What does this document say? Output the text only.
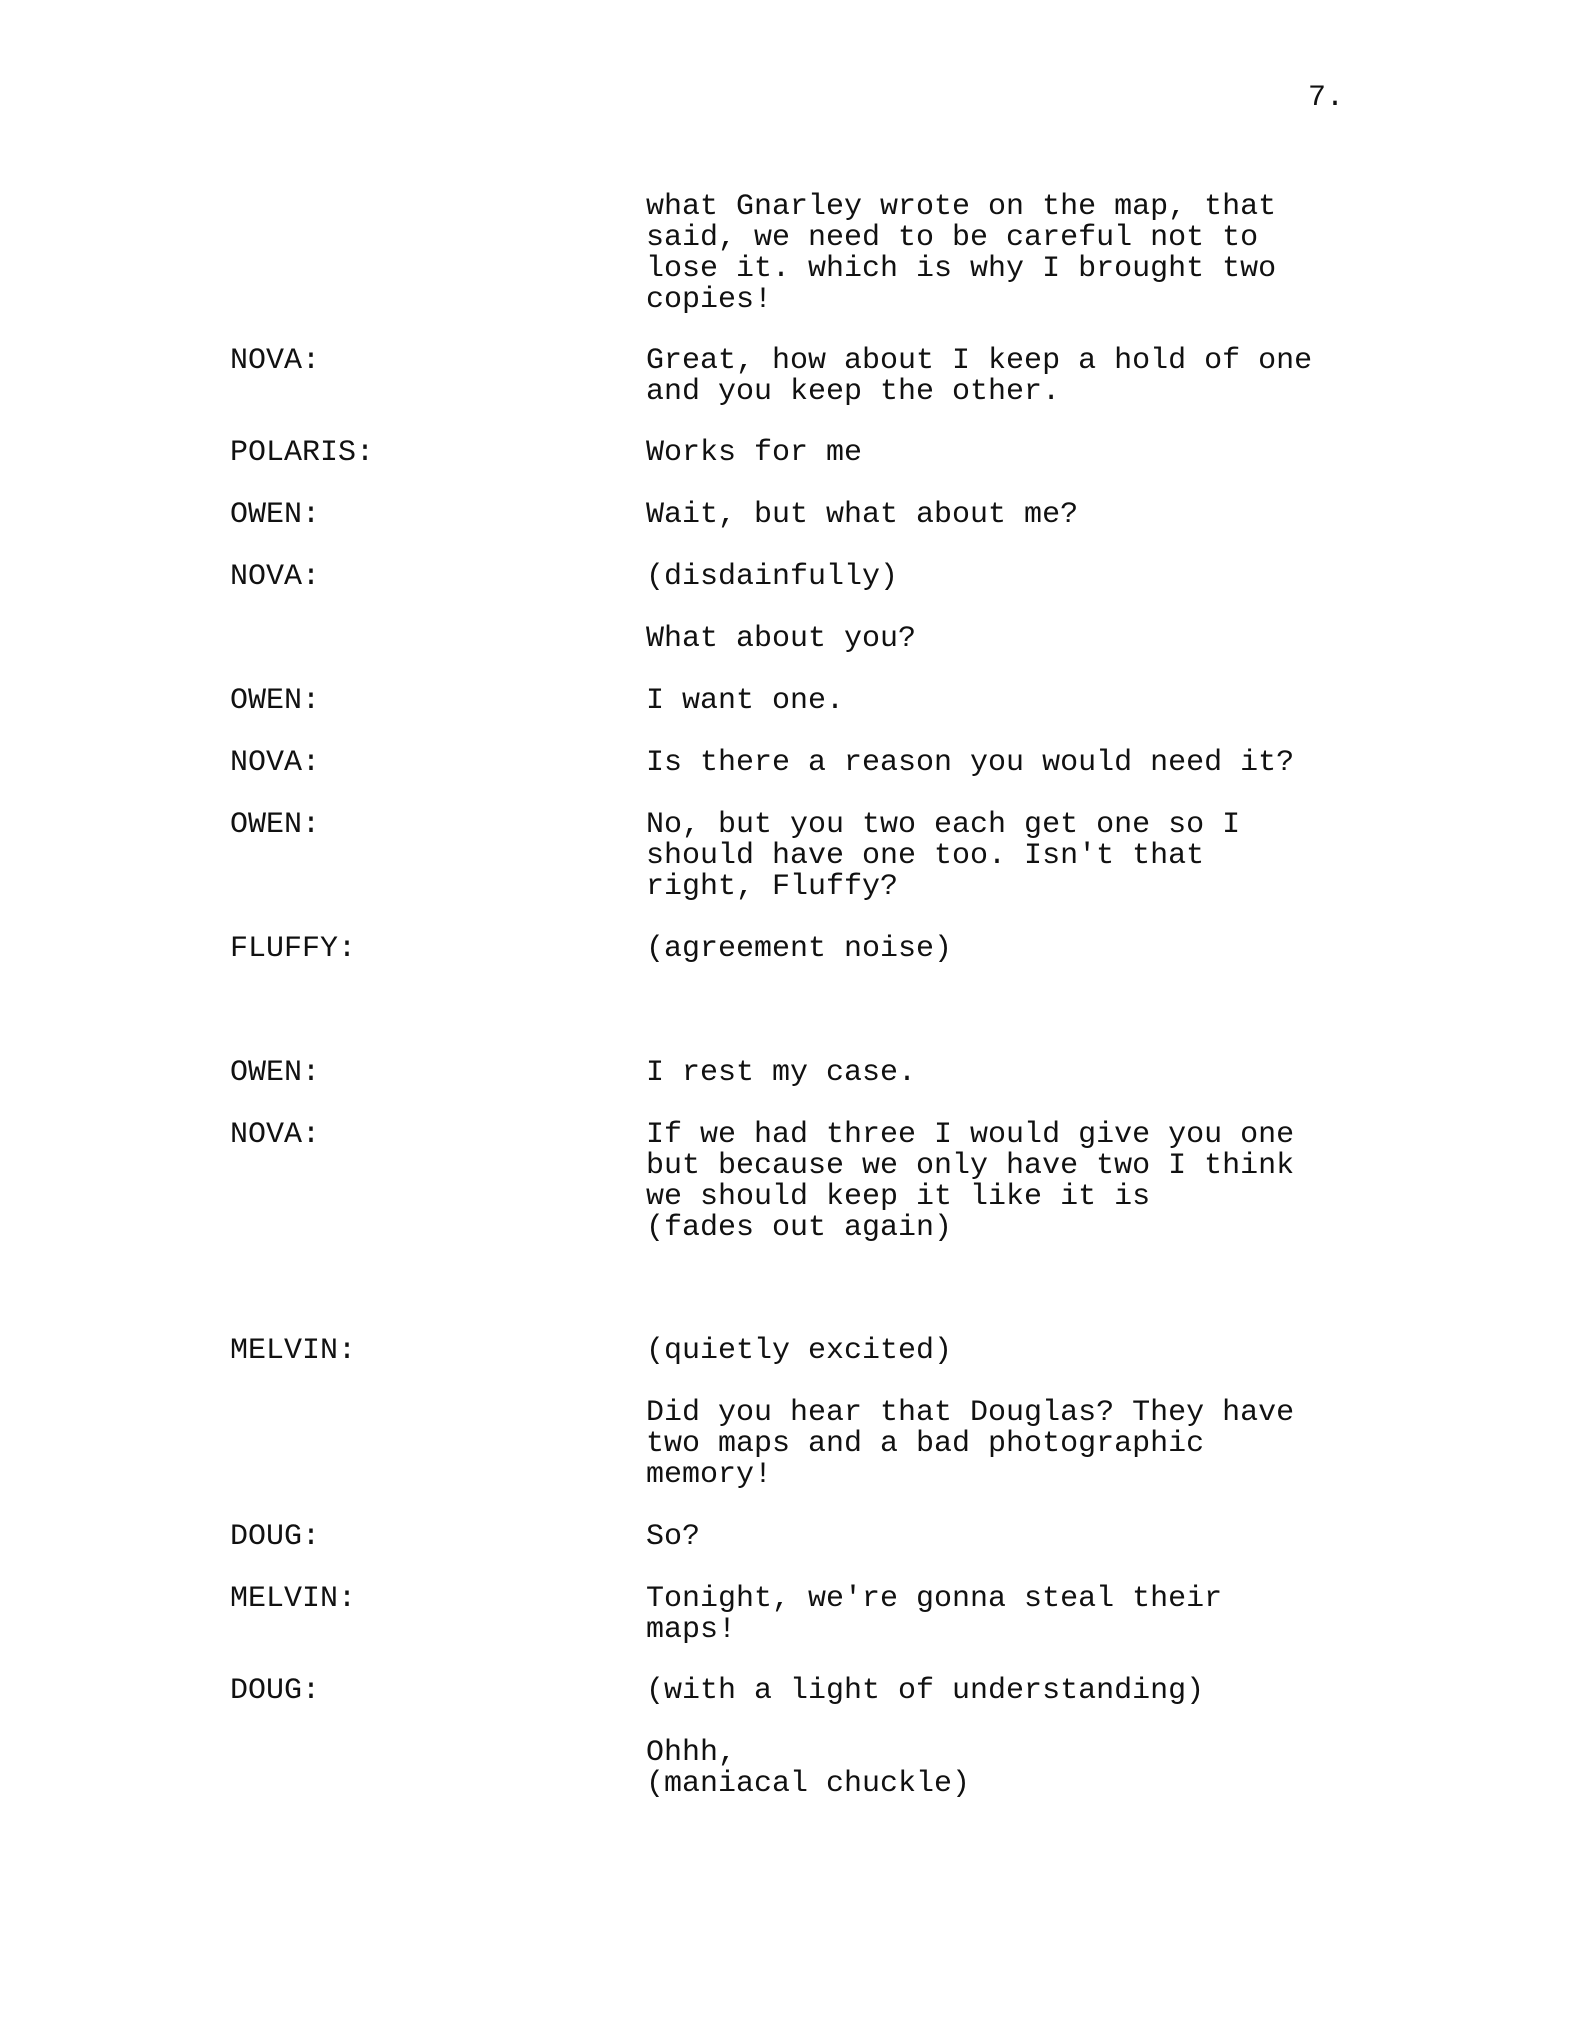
7.
what Gnarley wrote on the map, that
said, we need to be careful not to
lose it. which is why I brought two
copies!
NOVA:	Great, how about I keep a hold of one
and you keep the other.
POLARIS:	Works for me
OWEN:	Wait, but what about me?
NOVA:	(disdainfully)
What about you?
OWEN:	I want one.
NOVA:	Is there a reason you would need it?
OWEN:	No, but you two each get one so I
should have one too. Isn't that
right, Fluffy?
FLUFFY:	(agreement noise)
OWEN:	I rest my case.
NOVA:	If we had three I would give you one
but because we only have two I think
we should keep it like it is
(fades out again)
MELVIN:	(quietly excited)
Did you hear that Douglas? They have
two maps and a bad photographic
memory!
DOUG:	So?
MELVIN:	Tonight, we're gonna steal their
maps!
DOUG:	(with a light of understanding)
Ohhh,
(maniacal chuckle)
